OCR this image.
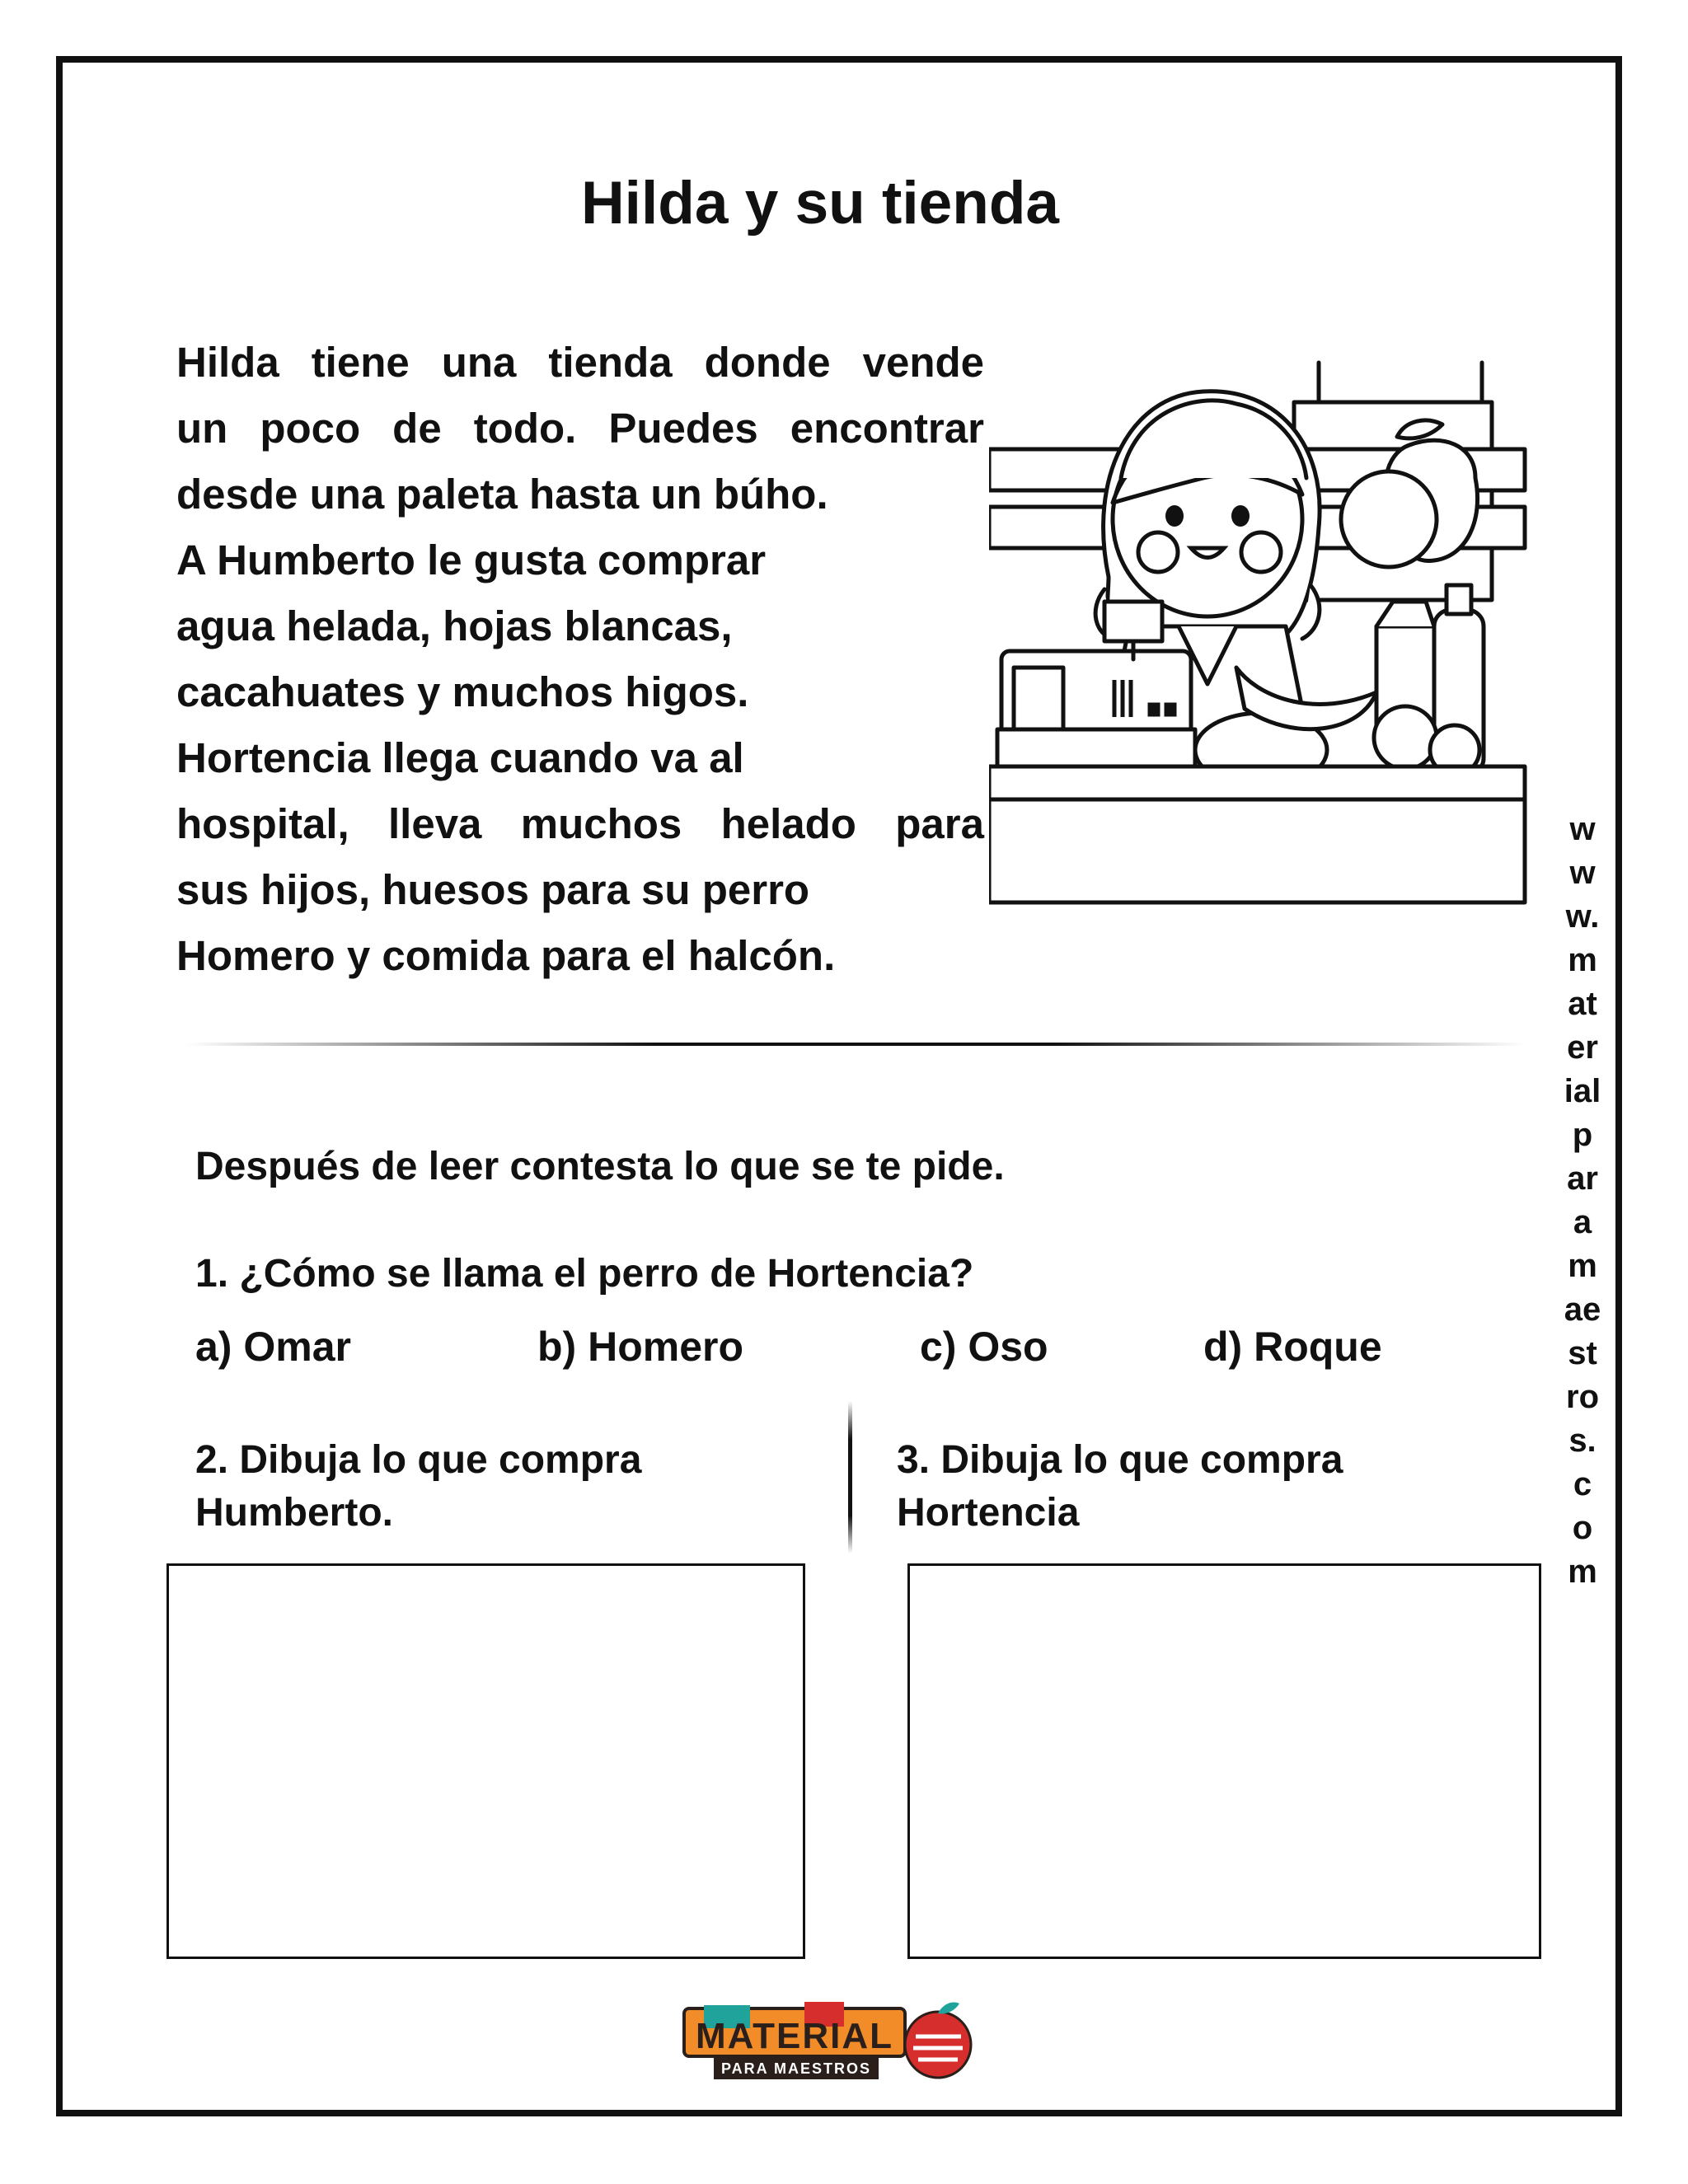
Hilda y su tienda
Hilda tiene una tienda donde vende
un poco de todo. Puedes encontrar
desde una paleta hasta un búho.
A Humberto le gusta comprar
agua helada, hojas blancas,
cacahuates y muchos higos.
Hortencia llega cuando va al
hospital, lleva muchos helado para
sus hijos, huesos para su perro
Homero y comida para el halcón.
w
w
w.
m
at
er
ial
p
ar
a
m
ae
st
ro
s.
c
o
m
Después de leer contesta lo que se te pide.
1. ¿Cómo se llama el perro de Hortencia?
a) Omar	b) Homero	c) Oso	d) Roque
2. Dibuja lo que compra
Humberto.
3. Dibuja lo que compra
Hortencia
MATERIAL
PARA MAESTROS
